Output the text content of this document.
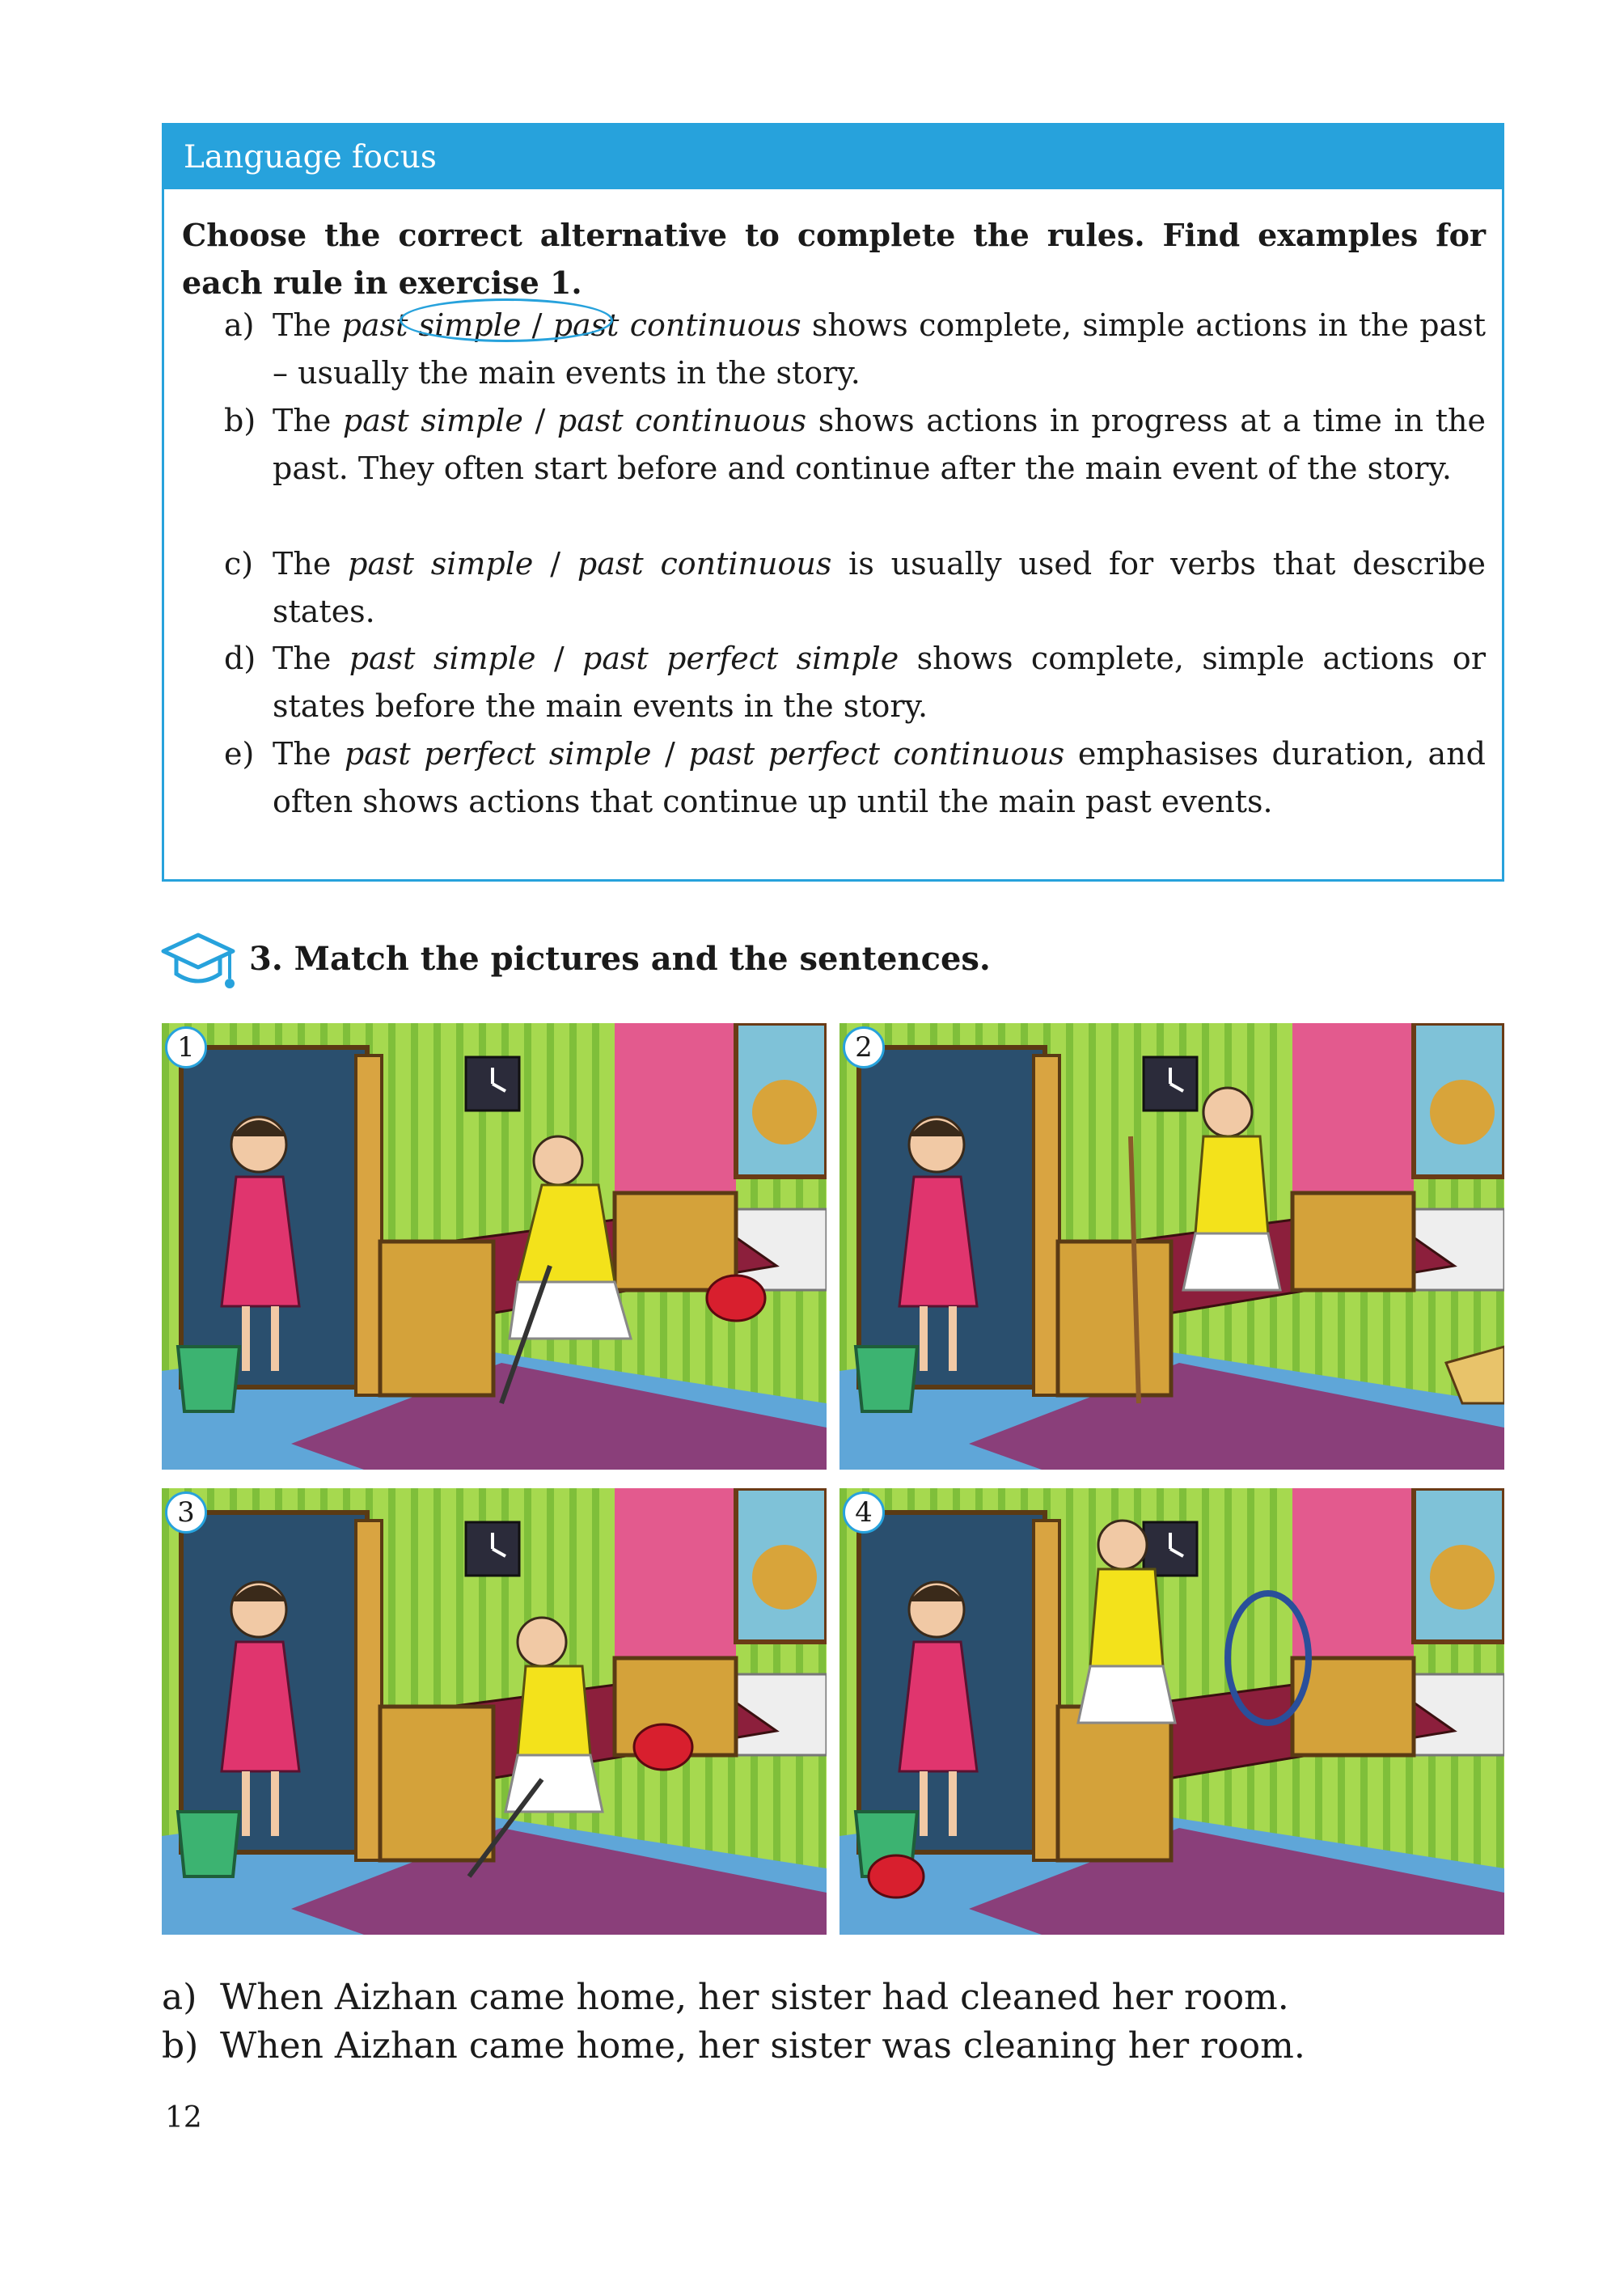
Language focus
Choose the correct alternative to complete the rules. Find examples for each rule in exercise 1.
a) The past simple / past continuous shows complete, simple actions in the past – usually the main events in the story.
b) The past simple / past continuous shows actions in progress at a time in the past. They often start before and continue after the main event of the story.
c) The past simple / past continuous is usually used for verbs that describe states.
d) The past simple / past perfect simple shows complete, simple actions or states before the main events in the story.
e) The past perfect simple / past perfect continuous emphasises duration, and often shows actions that continue up until the main past events.
3. Match the pictures and the sentences.
1	2
3	4
a) When Aizhan came home, her sister had cleaned her room.
b) When Aizhan came home, her sister was cleaning her room.
12
